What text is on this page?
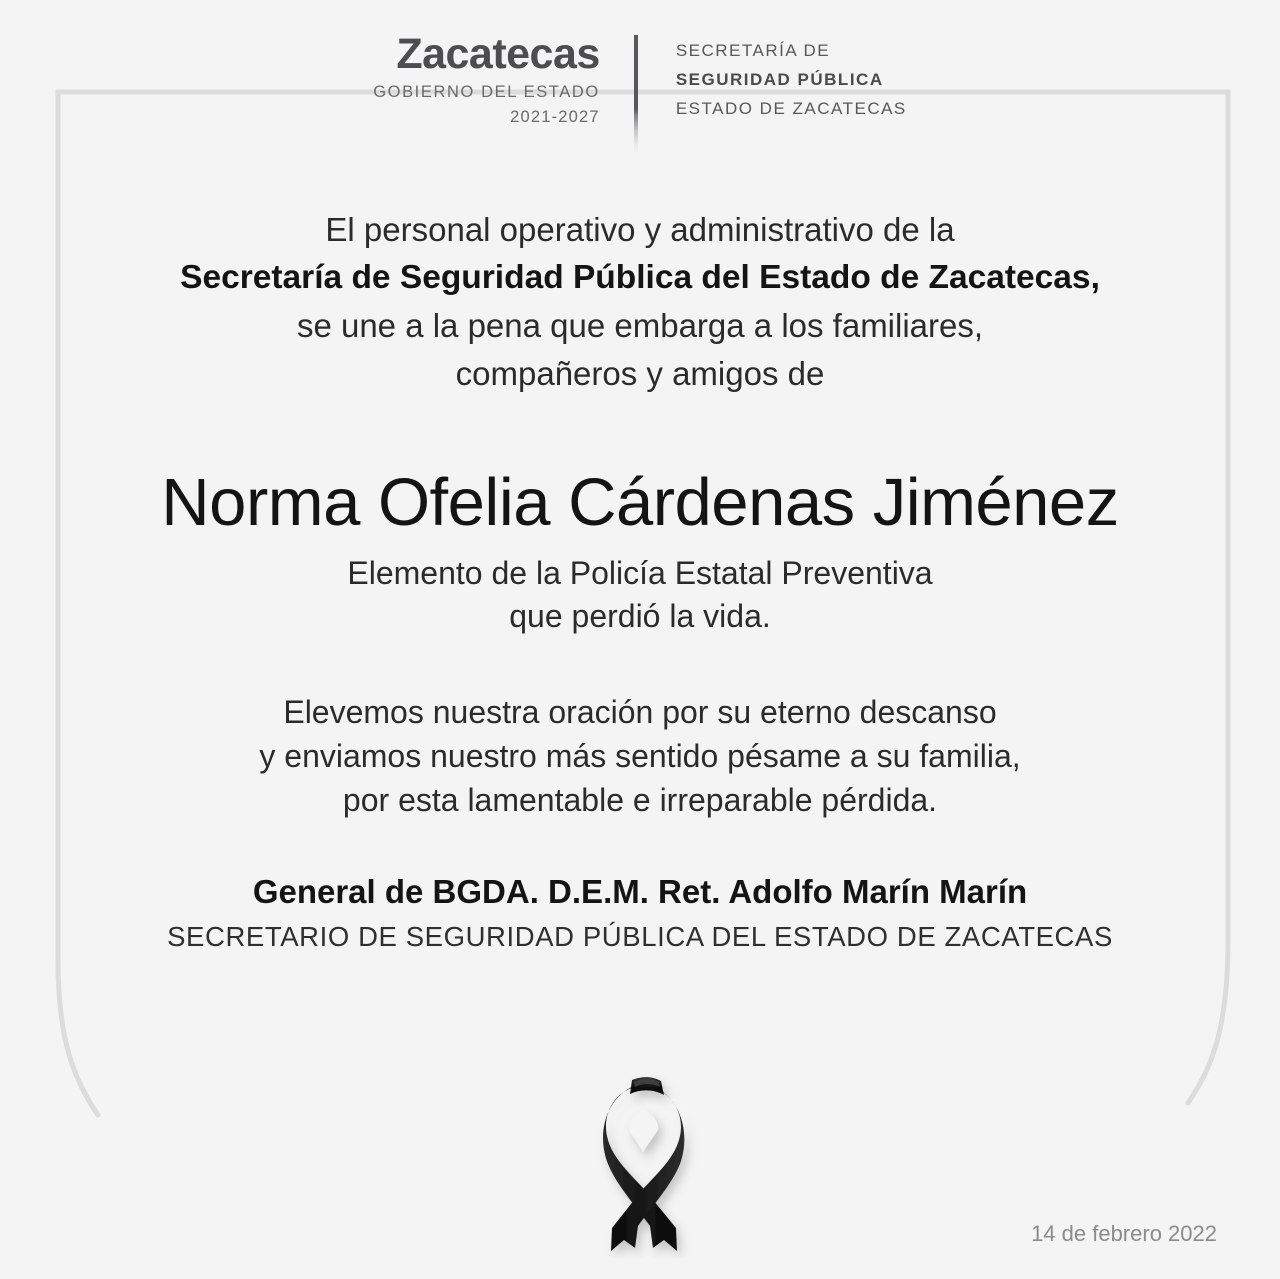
Zacatecas
GOBIERNO DEL ESTADO
2021-2027
SECRETARÍA DE
SEGURIDAD PÚBLICA
ESTADO DE ZACATECAS

El personal operativo y administrativo de la

Secretaría de Seguridad Pública del Estado de Zacatecas,

se une a la pena que embarga a los familiares,

compañeros y amigos de

Norma Ofelia Cárdenas Jiménez

Elemento de la Policía Estatal Preventiva

que perdió la vida.

Elevemos nuestra oración por su eterno descanso

y enviamos nuestro más sentido pésame a su familia,

por esta lamentable e irreparable pérdida.

General de BGDA. D.E.M. Ret. Adolfo Marín Marín
SECRETARIO DE SEGURIDAD PÚBLICA DEL ESTADO DE ZACATECAS
14 de febrero 2022
